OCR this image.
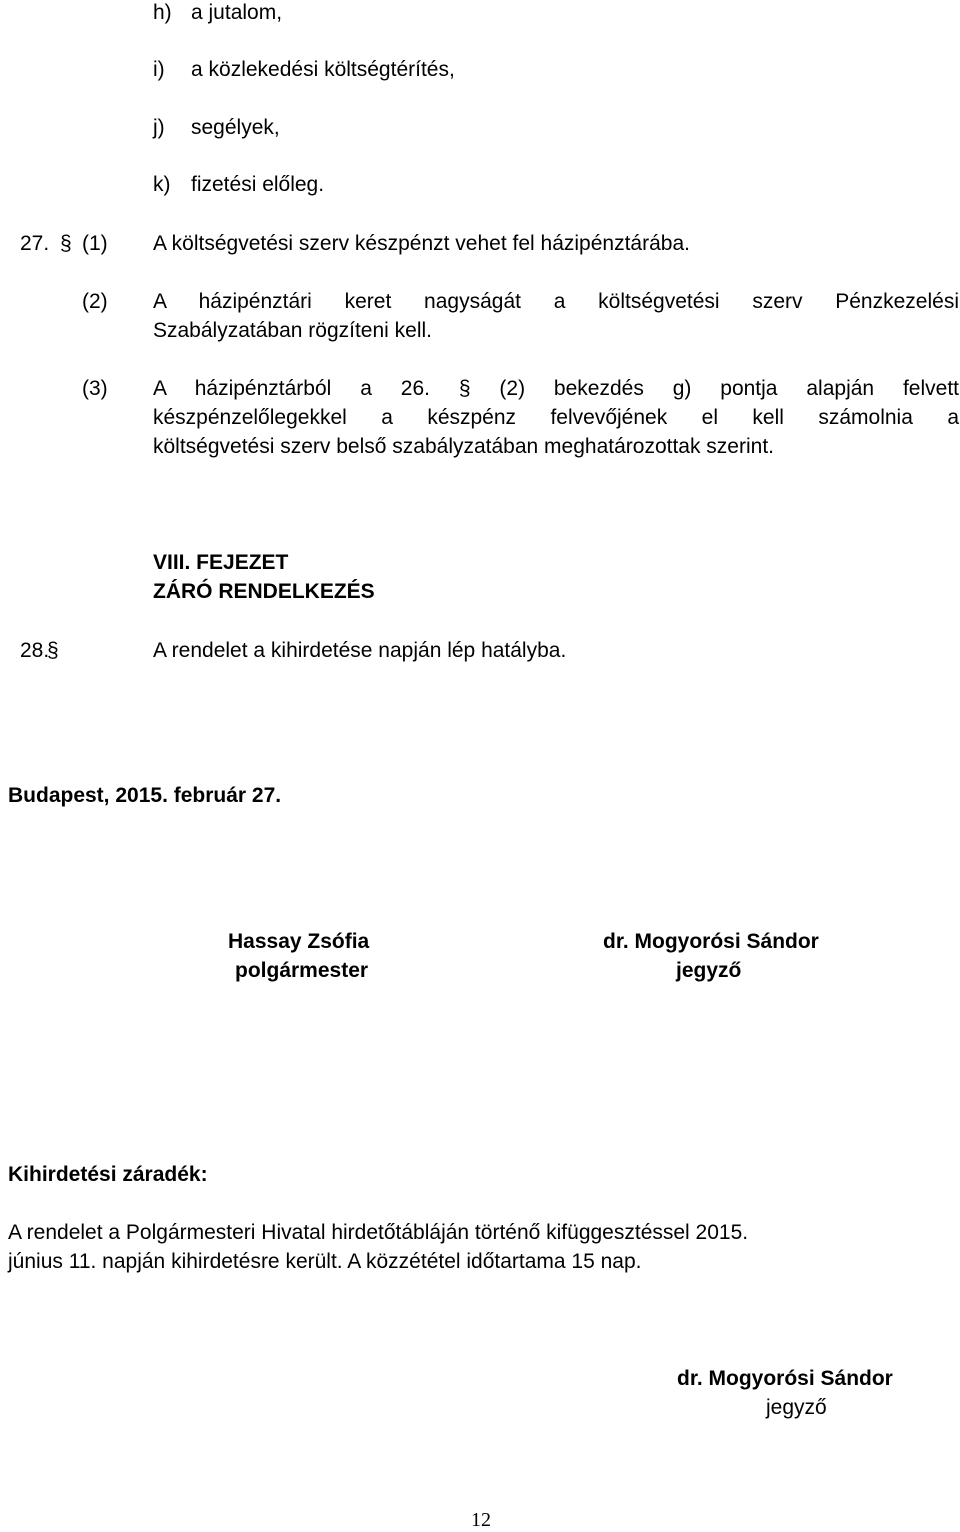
h) a jutalom,
i) a közlekedési költségtérítés,
j) segélyek,
k) fizetési előleg.
27. § (1) A költségvetési szerv készpénzt vehet fel házipénztárába.
(2) A házipénztári keret nagyságát a költségvetési szerv Pénzkezelési
Szabályzatában rögzíteni kell.
(3) A házipénztárból a 26. § (2) bekezdés g) pontja alapján felvett
készpénzelőlegekkel a készpénz felvevőjének el kell számolnia a
költségvetési szerv belső szabályzatában meghatározottak szerint.
VIII. FEJEZET
ZÁRÓ RENDELKEZÉS
28.
§	A rendelet a kihirdetése napján lép hatályba.
Budapest, 2015. február 27.
Hassay Zsófia
polgármester
dr. Mogyorósi Sándor
jegyző
Kihirdetési záradék:
A rendelet a Polgármesteri Hivatal hirdetőtábláján történő kifüggesztéssel 2015.
június 11. napján kihirdetésre került. A közzététel időtartama 15 nap.
dr. Mogyorósi Sándor
jegyző
12
